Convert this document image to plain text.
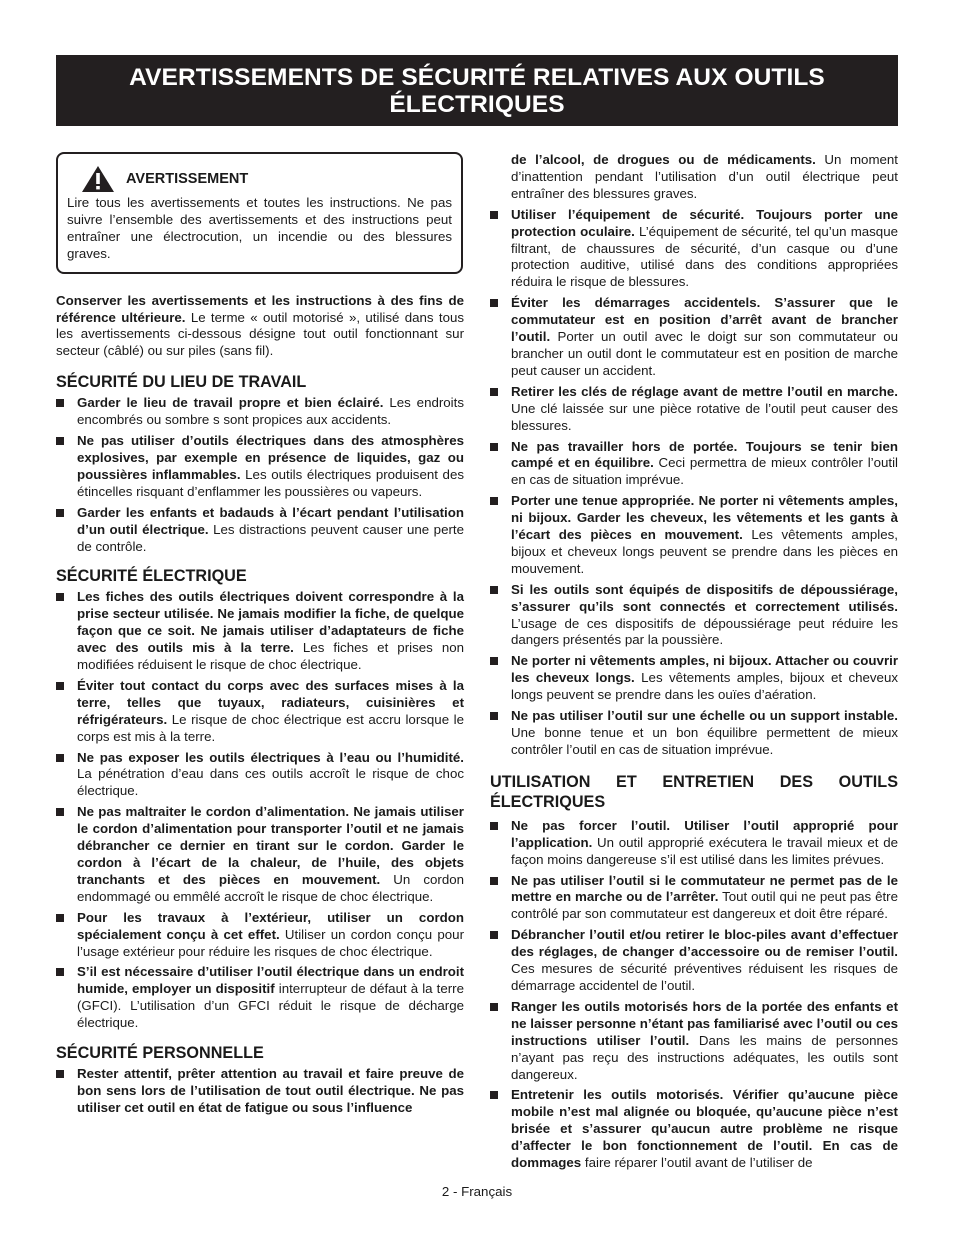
AVERTISSEMENTS DE SÉCURITÉ RELATIVES AUX OUTILS ÉLECTRIQUES
AVERTISSEMENT
Lire tous les avertissements et toutes les instructions. Ne pas suivre l’ensemble des avertissements et des instructions peut entraîner une électrocution, un incendie ou des blessures graves.

Conserver les avertissements et les instructions à des fins de référence ultérieure. Le terme « outil motorisé », utilisé dans tous les avertissements ci-dessous désigne tout outil fonctionnant sur secteur (câblé) ou sur piles (sans fil).

SÉCURITÉ DU LIEU DE TRAVAIL
Garder le lieu de travail propre et bien éclairé. Les endroits encombrés ou sombre s sont propices aux accidents.
Ne pas utiliser d’outils électriques dans des atmosphères explosives, par exemple en présence de liquides, gaz ou poussières inflammables. Les outils électriques produisent des étincelles risquant d’enflammer les poussières ou vapeurs.
Garder les enfants et badauds à l’écart pendant l’utilisation d’un outil électrique. Les distractions peuvent causer une perte de contrôle.
SÉCURITÉ ÉLECTRIQUE
Les fiches des outils électriques doivent correspondre à la prise secteur utilisée. Ne jamais modifier la fiche, de quelque façon que ce soit. Ne jamais utiliser d’adaptateurs de fiche avec des outils mis à la terre. Les fiches et prises non modifiées réduisent le risque de choc électrique.
Éviter tout contact du corps avec des surfaces mises à la terre, telles que tuyaux, radiateurs, cuisinières et réfrigérateurs. Le risque de choc électrique est accru lorsque le corps est mis à la terre.
Ne pas exposer les outils électriques à l’eau ou l’humidité. La pénétration d’eau dans ces outils accroît le risque de choc électrique.
Ne pas maltraiter le cordon d’alimentation. Ne jamais utiliser le cordon d’alimentation pour transporter l’outil et ne jamais débrancher ce dernier en tirant sur le cordon. Garder le cordon à l’écart de la chaleur, de l’huile, des objets tranchants et des pièces en mouvement. Un cordon endommagé ou emmêlé accroît le risque de choc électrique.
Pour les travaux à l’extérieur, utiliser un cordon spécialement conçu à cet effet. Utiliser un cordon conçu pour l’usage extérieur pour réduire les risques de choc électrique.
S’il est nécessaire d’utiliser l’outil électrique dans un endroit humide, employer un dispositif interrupteur de défaut à la terre (GFCI). L’utilisation d’un GFCI réduit le risque de décharge électrique.
SÉCURITÉ PERSONNELLE
Rester attentif, prêter attention au travail et faire preuve de bon sens lors de l’utilisation de tout outil électrique. Ne pas utiliser cet outil en état de fatigue ou sous l’influence
de l’alcool, de drogues ou de médicaments. Un moment d’inattention pendant l’utilisation d’un outil électrique peut entraîner des blessures graves.
Utiliser l’équipement de sécurité. Toujours porter une protection oculaire. L’équipement de sécurité, tel qu’un masque filtrant, de chaussures de sécurité, d’un casque ou d’une protection auditive, utilisé dans des conditions appropriées réduira le risque de blessures.
Éviter les démarrages accidentels. S’assurer que le commutateur est en position d’arrêt avant de brancher l’outil. Porter un outil avec le doigt sur son commutateur ou brancher un outil dont le commutateur est en position de marche peut causer un accident.
Retirer les clés de réglage avant de mettre l’outil en marche. Une clé laissée sur une pièce rotative de l’outil peut causer des blessures.
Ne pas travailler hors de portée. Toujours se tenir bien campé et en équilibre. Ceci permettra de mieux contrôler l’outil en cas de situation imprévue.
Porter une tenue appropriée. Ne porter ni vêtements amples, ni bijoux. Garder les cheveux, les vêtements et les gants à l’écart des pièces en mouvement. Les vêtements amples, bijoux et cheveux longs peuvent se prendre dans les pièces en mouvement.
Si les outils sont équipés de dispositifs de dépoussiérage, s’assurer qu’ils sont connectés et correctement utilisés. L’usage de ces dispositifs de dépoussiérage peut réduire les dangers présentés par la poussière.
Ne porter ni vêtements amples, ni bijoux. Attacher ou couvrir les cheveux longs. Les vêtements amples, bijoux et cheveux longs peuvent se prendre dans les ouïes d’aération.
Ne pas utiliser l’outil sur une échelle ou un support instable. Une bonne tenue et un bon équilibre permettent de mieux contrôler l’outil en cas de situation imprévue.
UTILISATION ET ENTRETIEN DES OUTILS ÉLECTRIQUES
Ne pas forcer l’outil. Utiliser l’outil approprié pour l’application. Un outil approprié exécutera le travail mieux et de façon moins dangereuse s’il est utilisé dans les limites prévues.
Ne pas utiliser l’outil si le commutateur ne permet pas de le mettre en marche ou de l’arrêter. Tout outil qui ne peut pas être contrôlé par son commutateur est dangereux et doit être réparé.
Débrancher l’outil et/ou retirer le bloc-piles avant d’effectuer des réglages, de changer d’accessoire ou de remiser l’outil. Ces mesures de sécurité préventives réduisent les risques de démarrage accidentel de l’outil.
Ranger les outils motorisés hors de la portée des enfants et ne laisser personne n’étant pas familiarisé avec l’outil ou ces instructions utiliser l’outil. Dans les mains de personnes n’ayant pas reçu des instructions adéquates, les outils sont dangereux.
Entretenir les outils motorisés. Vérifier qu’aucune pièce mobile n’est mal alignée ou bloquée, qu’aucune pièce n’est brisée et s’assurer qu’aucun autre problème ne risque d’affecter le bon fonctionnement de l’outil. En cas de dommages faire réparer l’outil avant de l’utiliser de
2 - Français
